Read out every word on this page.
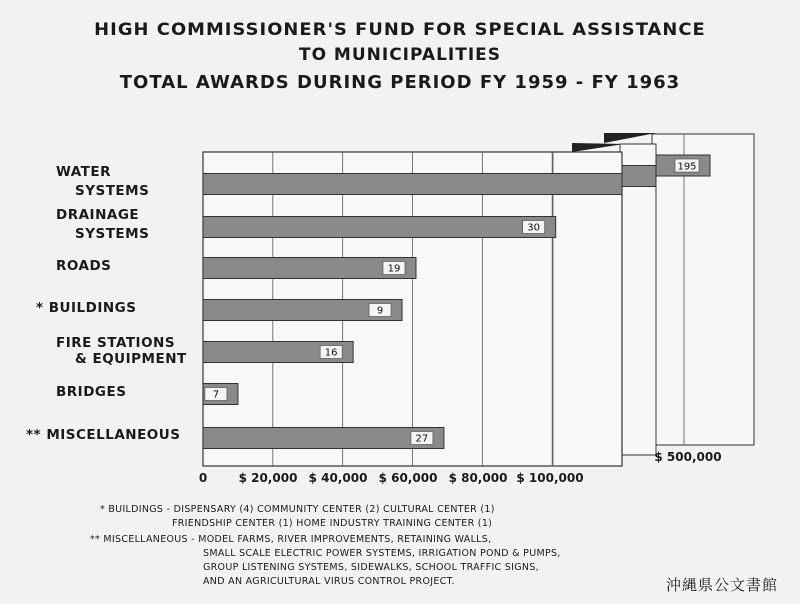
HIGH COMMISSIONER'S FUND FOR SPECIAL ASSISTANCE
TO MUNICIPALITIES
TOTAL AWARDS DURING PERIOD FY 1959 - FY 1963
195
30
19
9
16
7
27
WATER
SYSTEMS
DRAINAGE
SYSTEMS
ROADS
* BUILDINGS
FIRE STATIONS
& EQUIPMENT
BRIDGES
** MISCELLANEOUS
0	$ 20,000 $ 40,000 $ 60,000 $ 80,000 $ 100,000
$ 500,000
* BUILDINGS - DISPENSARY (4) COMMUNITY CENTER (2) CULTURAL CENTER (1)
FRIENDSHIP CENTER (1) HOME INDUSTRY TRAINING CENTER (1)
** MISCELLANEOUS - MODEL FARMS, RIVER IMPROVEMENTS, RETAINING WALLS,
SMALL SCALE ELECTRIC POWER SYSTEMS, IRRIGATION POND & PUMPS,
GROUP LISTENING SYSTEMS, SIDEWALKS, SCHOOL TRAFFIC SIGNS,
AND AN AGRICULTURAL VIRUS CONTROL PROJECT.	沖縄県公文書館
